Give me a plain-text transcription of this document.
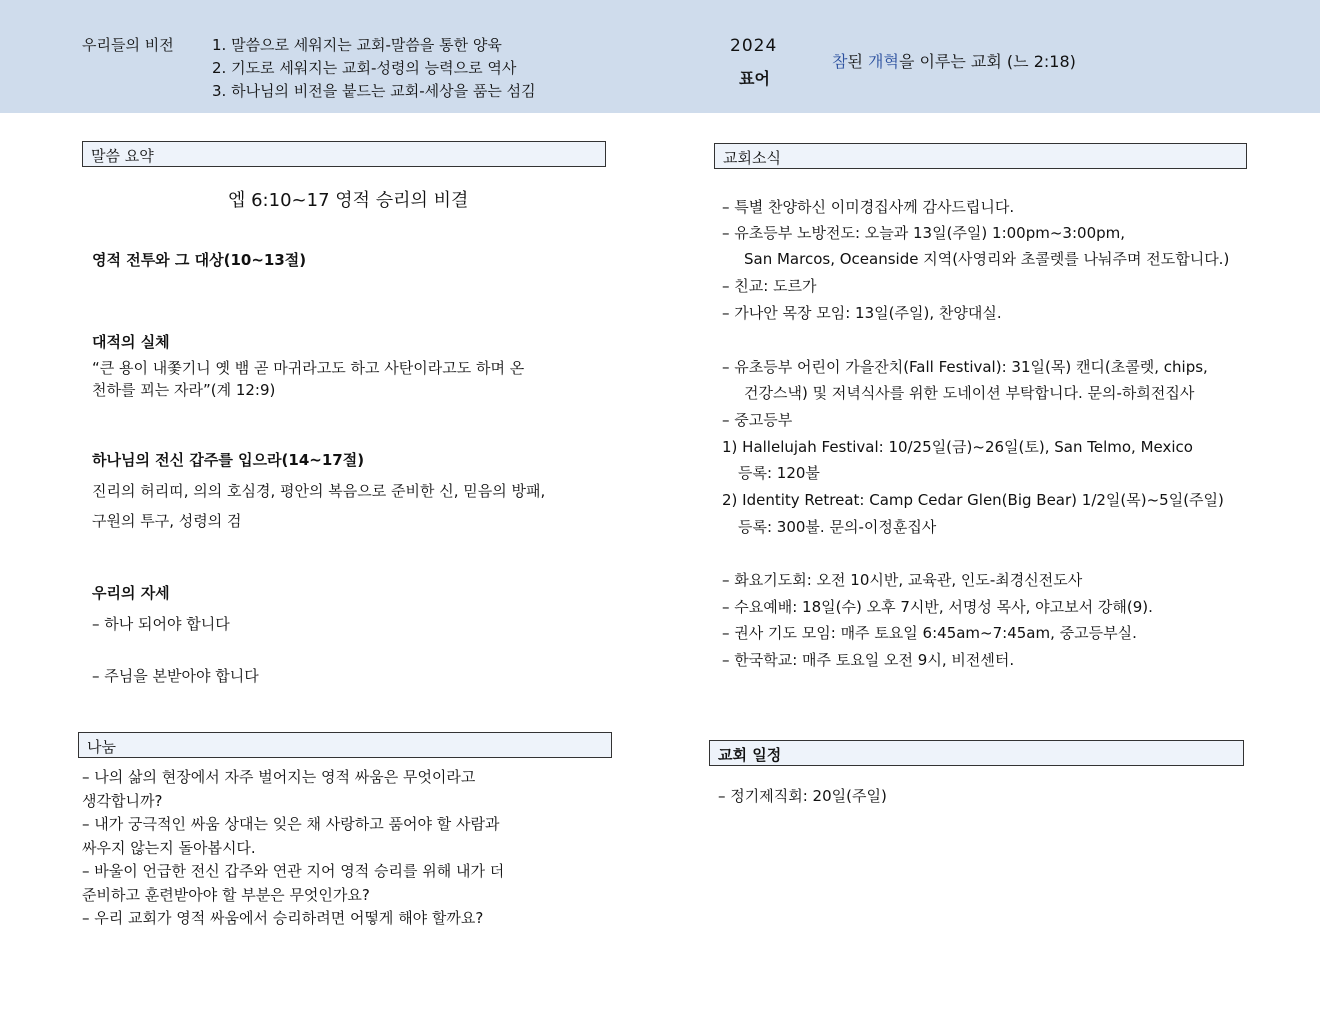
우리들의 비전	1. 말씀으로 세워지는 교회-말씀을 통한 양육
2. 기도로 세워지는 교회-성령의 능력으로 역사
3. 하나님의 비전을 붙드는 교회-세상을 품는 섬김
2024
표어
참된 개혁을 이루는 교회 (느 2:18)
말씀 요약
엡 6:10~17 영적 승리의 비결
영적 전투와 그 대상(10~13절)
대적의 실체
“큰 용이 내쫓기니 옛 뱀 곧 마귀라고도 하고 사탄이라고도 하며 온
천하를 꾀는 자라”(계 12:9)
하나님의 전신 갑주를 입으라(14~17절)
진리의 허리띠, 의의 호심경, 평안의 복음으로 준비한 신, 믿음의 방패,
구원의 투구, 성령의 검
우리의 자세
– 하나 되어야 합니다
– 주님을 본받아야 합니다
나눔
– 나의 삶의 현장에서 자주 벌어지는 영적 싸움은 무엇이라고
생각합니까?
– 내가 궁극적인 싸움 상대는 잊은 채 사랑하고 품어야 할 사람과
싸우지 않는지 돌아봅시다.
– 바울이 언급한 전신 갑주와 연관 지어 영적 승리를 위해 내가 더
준비하고 훈련받아야 할 부분은 무엇인가요?
– 우리 교회가 영적 싸움에서 승리하려면 어떻게 해야 할까요?
교회소식
– 특별 찬양하신 이미경집사께 감사드립니다.
– 유초등부 노방전도: 오늘과 13일(주일) 1:00pm~3:00pm,
San Marcos, Oceanside 지역(사영리와 초콜렛를 나눠주며 전도합니다.)
– 친교: 도르가
– 가나안 목장 모임: 13일(주일), 찬양대실.
– 유초등부 어린이 가을잔치(Fall Festival): 31일(목) 캔디(초콜렛, chips,
건강스낵) 및 저녁식사를 위한 도네이션 부탁합니다. 문의-하희전집사
– 중고등부
1) Hallelujah Festival: 10/25일(금)~26일(토), San Telmo, Mexico
등록: 120불
2) Identity Retreat: Camp Cedar Glen(Big Bear) 1/2일(목)~5일(주일)
등록: 300불. 문의-이정훈집사
– 화요기도회: 오전 10시반, 교육관, 인도-최경신전도사
– 수요예배: 18일(수) 오후 7시반, 서명성 목사, 야고보서 강해(9).
– 권사 기도 모임: 매주 토요일 6:45am~7:45am, 중고등부실.
– 한국학교: 매주 토요일 오전 9시, 비전센터.
교회 일정
– 정기제직회: 20일(주일)
